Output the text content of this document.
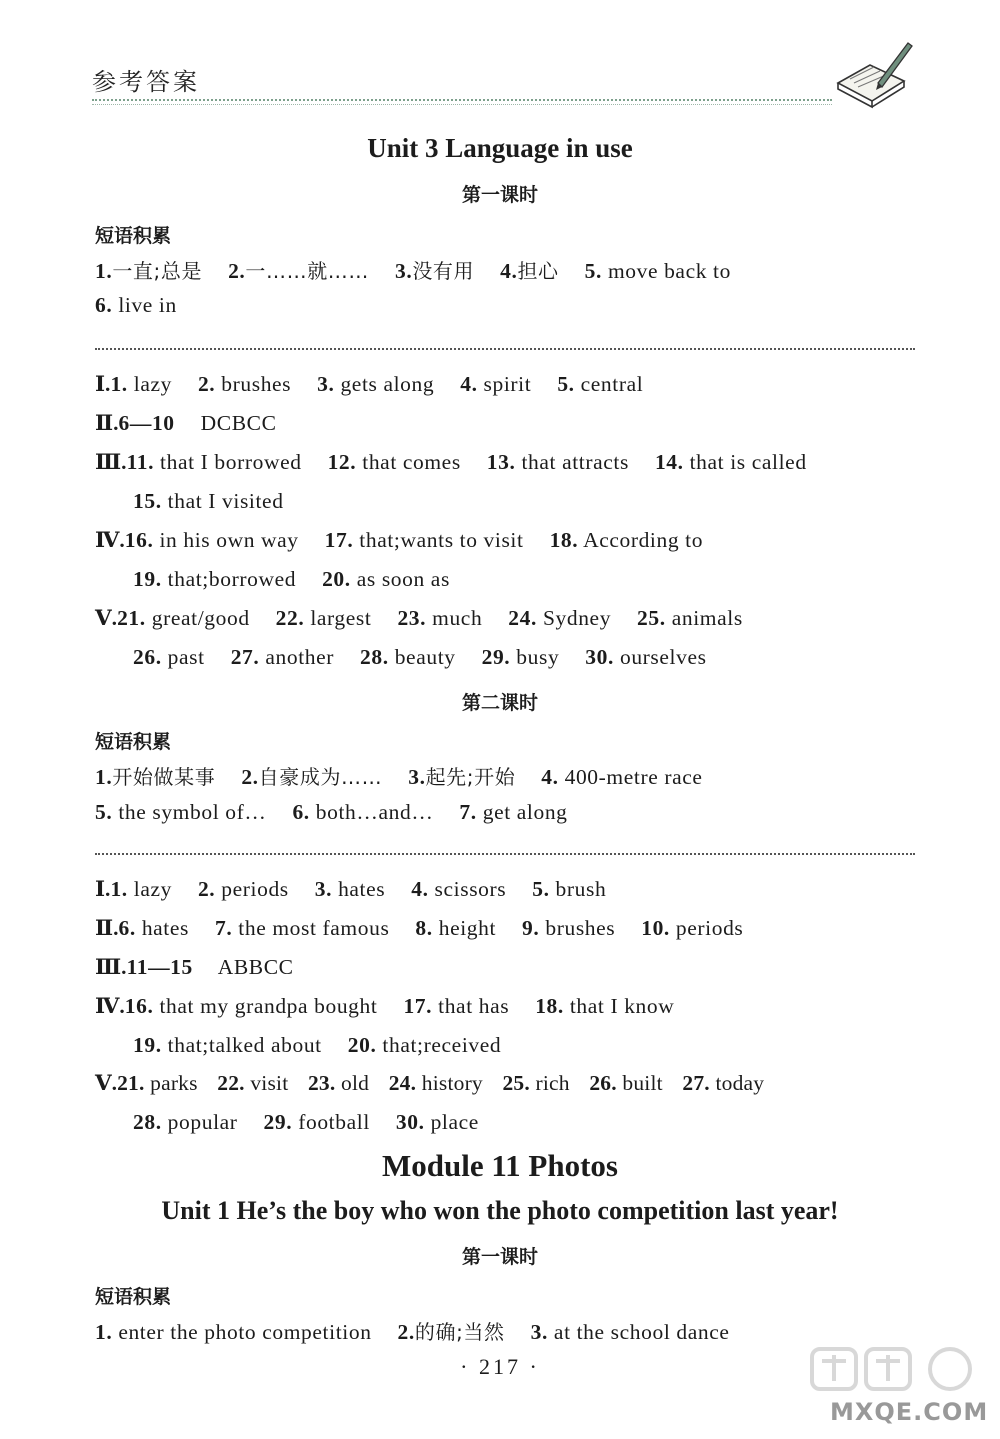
参考答案
Unit 3 Language in use
第一课时
短语积累
1.一直;总是 2.一……就…… 3.没有用 4.担心 5. move back to
6. live in
Ⅰ.1. lazy 2. brushes 3. gets along 4. spirit 5. central
Ⅱ.6—10 DCBCC
Ⅲ.11. that I borrowed 12. that comes 13. that attracts 14. that is called
15. that I visited
Ⅳ.16. in his own way 17. that;wants to visit 18. According to
19. that;borrowed 20. as soon as
Ⅴ.21. great/good 22. largest 23. much 24. Sydney 25. animals
26. past 27. another 28. beauty 29. busy 30. ourselves
第二课时
短语积累
1.开始做某事 2.自豪成为…… 3.起先;开始 4. 400-metre race
5. the symbol of… 6. both…and… 7. get along
Ⅰ.1. lazy 2. periods 3. hates 4. scissors 5. brush
Ⅱ.6. hates 7. the most famous 8. height 9. brushes 10. periods
Ⅲ.11—15 ABBCC
Ⅳ.16. that my grandpa bought 17. that has 18. that I know
19. that;talked about 20. that;received
Ⅴ.21. parks 22. visit 23. old 24. history 25. rich 26. built 27. today
28. popular 29. football 30. place
Module 11 Photos
Unit 1 He’s the boy who won the photo competition last year!
第一课时
短语积累
1. enter the photo competition 2.的确;当然 3. at the school dance
· 217 ·
MXQE.COM
